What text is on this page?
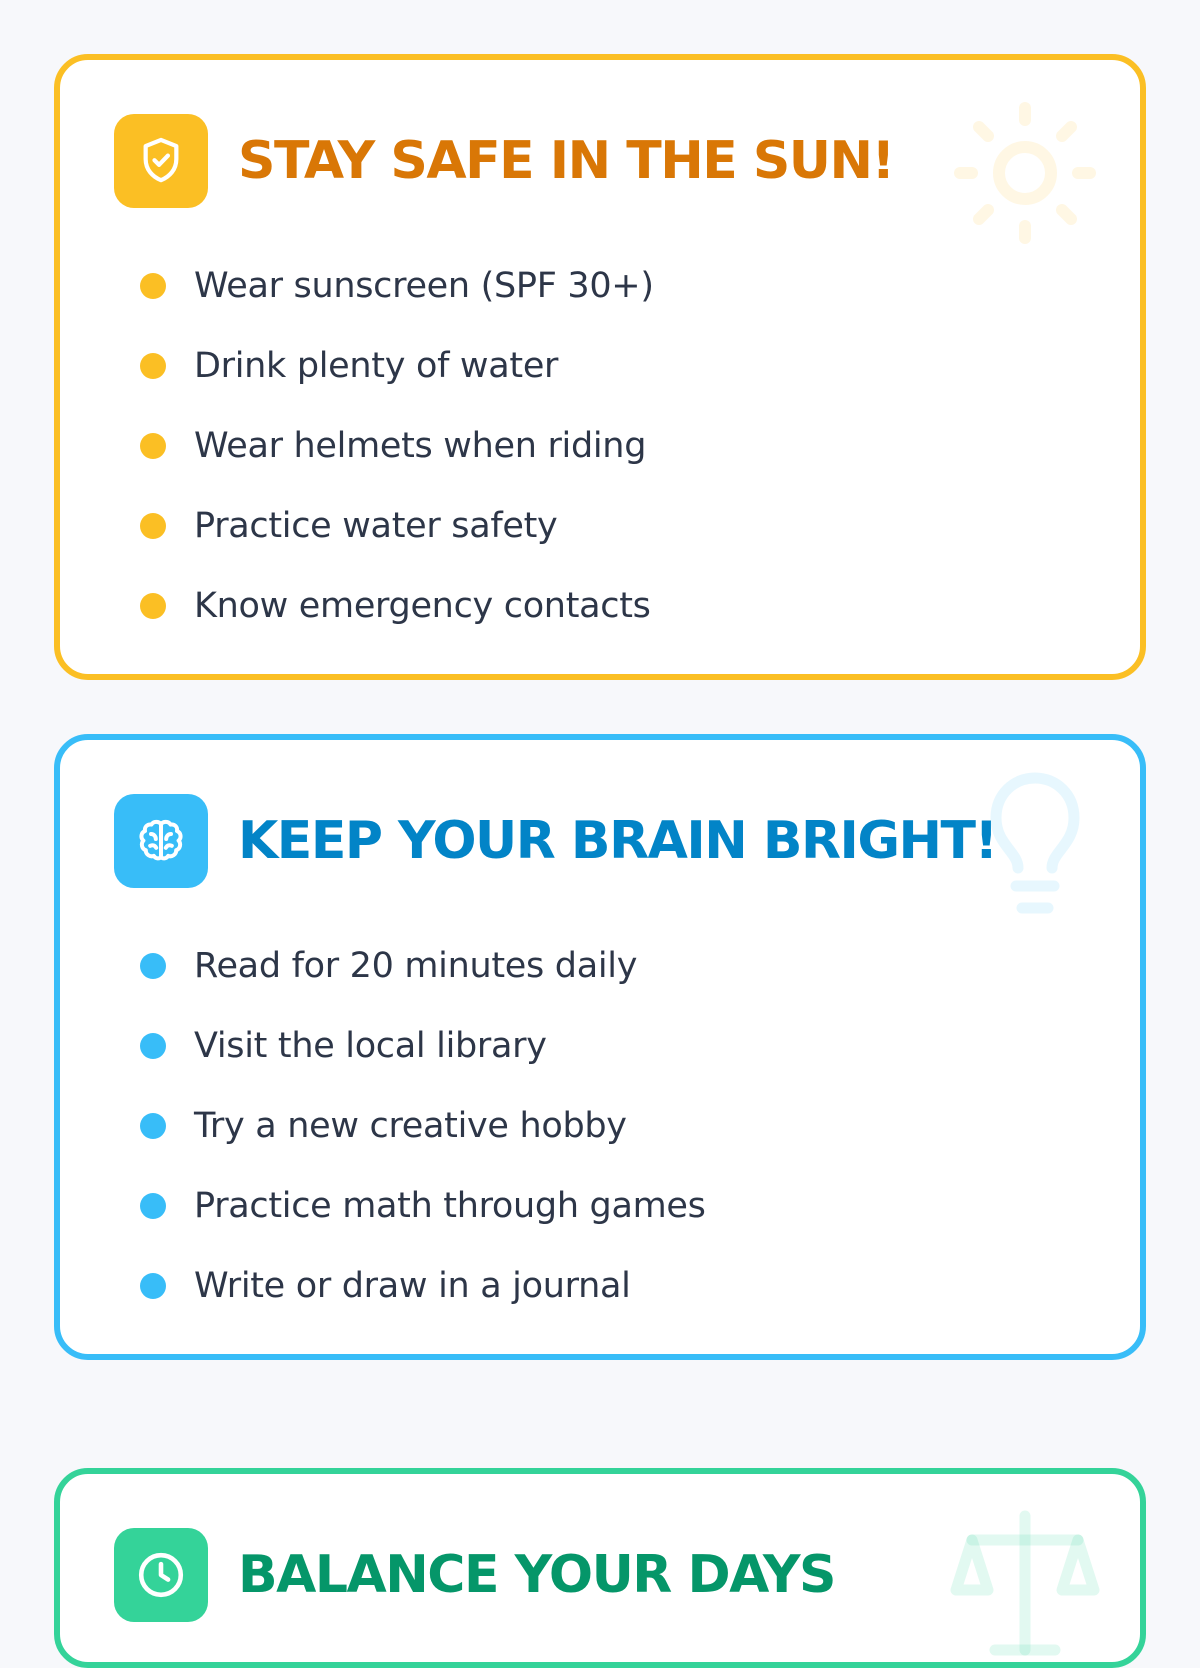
STAY SAFE IN THE SUN!
Wear sunscreen (SPF 30+)
Drink plenty of water
Wear helmets when riding
Practice water safety
Know emergency contacts
KEEP YOUR BRAIN BRIGHT!
Read for 20 minutes daily
Visit the local library
Try a new creative hobby
Practice math through games
Write or draw in a journal
BALANCE YOUR DAYS
